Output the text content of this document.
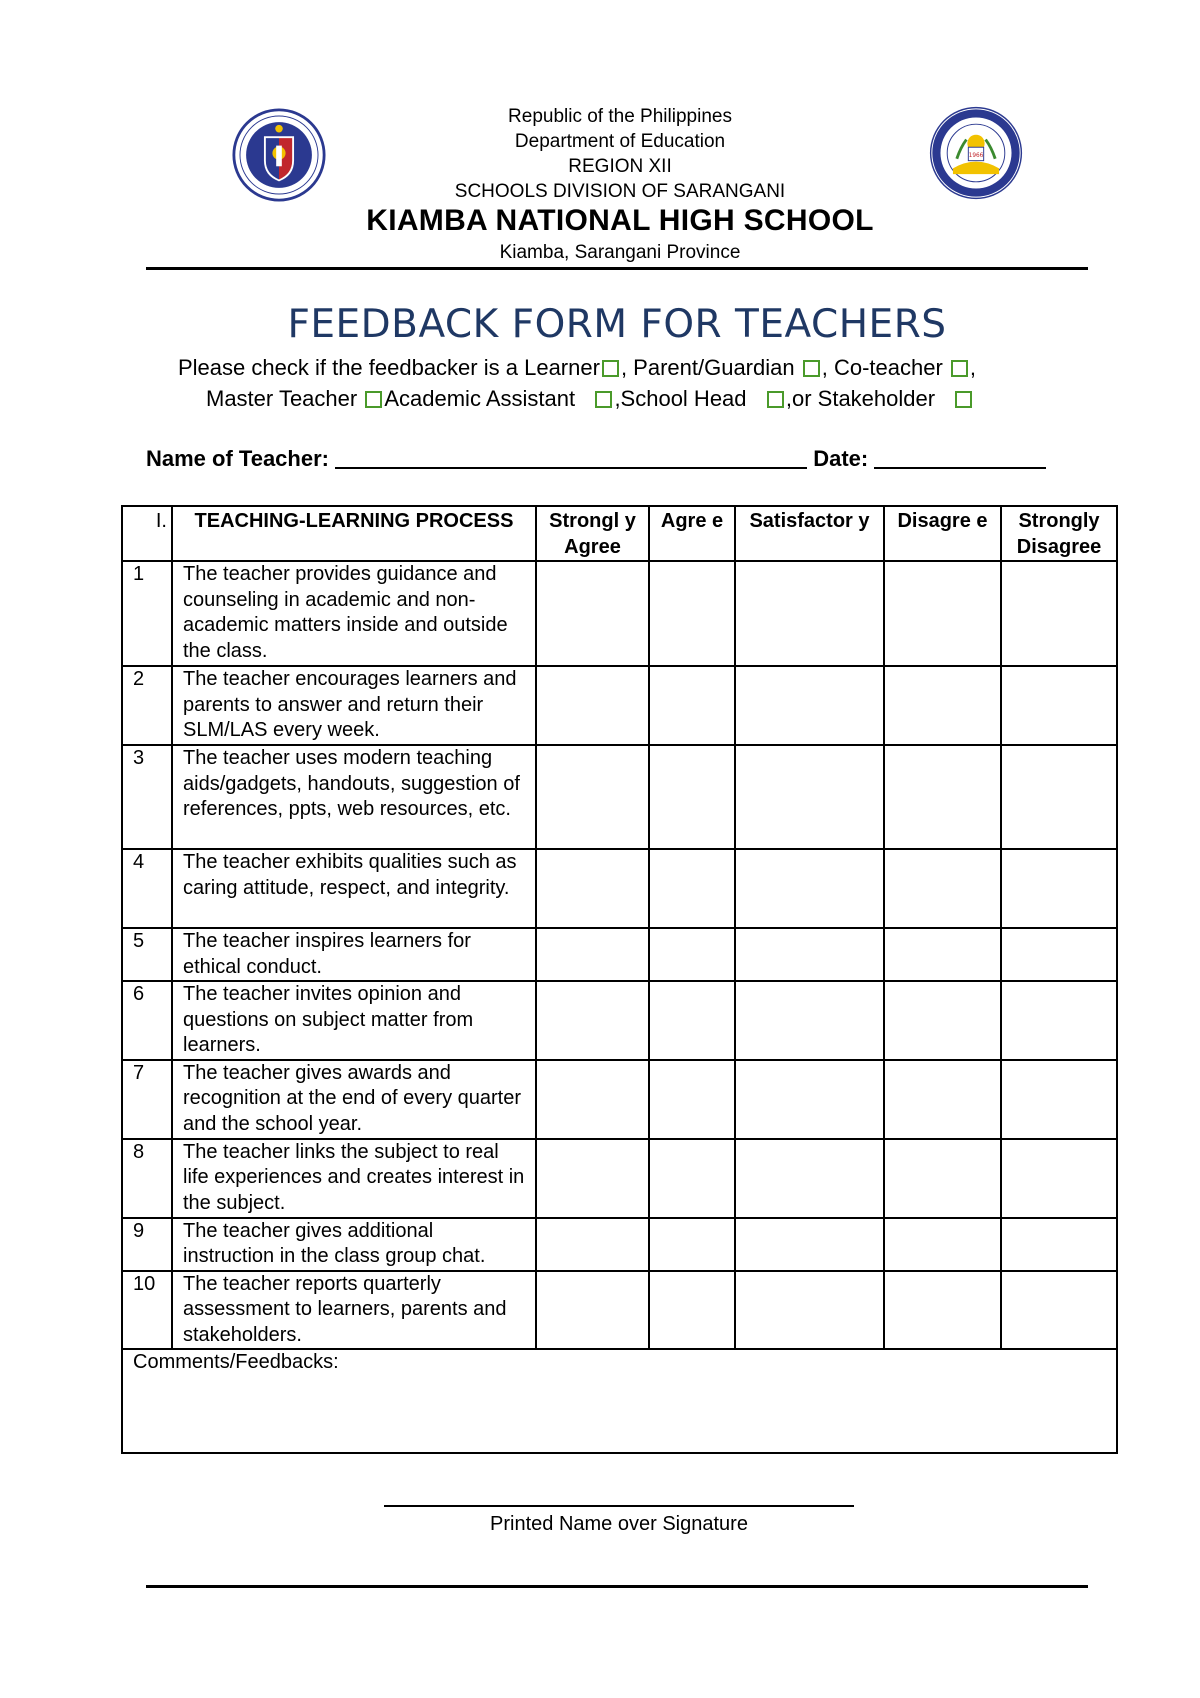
Republic of the Philippines
Department of Education
REGION XII
SCHOOLS DIVISION OF SARANGANI
1966
KIAMBA NATIONAL HIGH SCHOOL
Kiamba, Sarangani Province
FEEDBACK FORM FOR TEACHERS
Please check if the feedbacker is a Learner , Parent/Guardian , Co-teacher ,
Master Teacher Academic Assistant ,School Head ,or Stakeholder
Name of Teacher:	Date:
I.	TEACHING-LEARNING PROCESS	Strongl y Agree	Agre e	Satisfactor y	Disagre e	Strongly Disagree
1	The teacher provides guidance and counseling in academic and non-academic matters inside and outside the class.					
2	The teacher encourages learners and parents to answer and return their SLM/LAS every week.					
3	The teacher uses modern teaching aids/gadgets, handouts, suggestion of references, ppts, web resources, etc.					
4	The teacher exhibits qualities such as caring attitude, respect, and integrity.					
5	The teacher inspires learners for ethical conduct.					
6	The teacher invites opinion and questions on subject matter from learners.					
7	The teacher gives awards and recognition at the end of every quarter and the school year.					
8	The teacher links the subject to real life experiences and creates interest in the subject.					
9	The teacher gives additional instruction in the class group chat.					
10	The teacher reports quarterly assessment to learners, parents and stakeholders.					
Comments/Feedbacks:						
Printed Name over Signature
